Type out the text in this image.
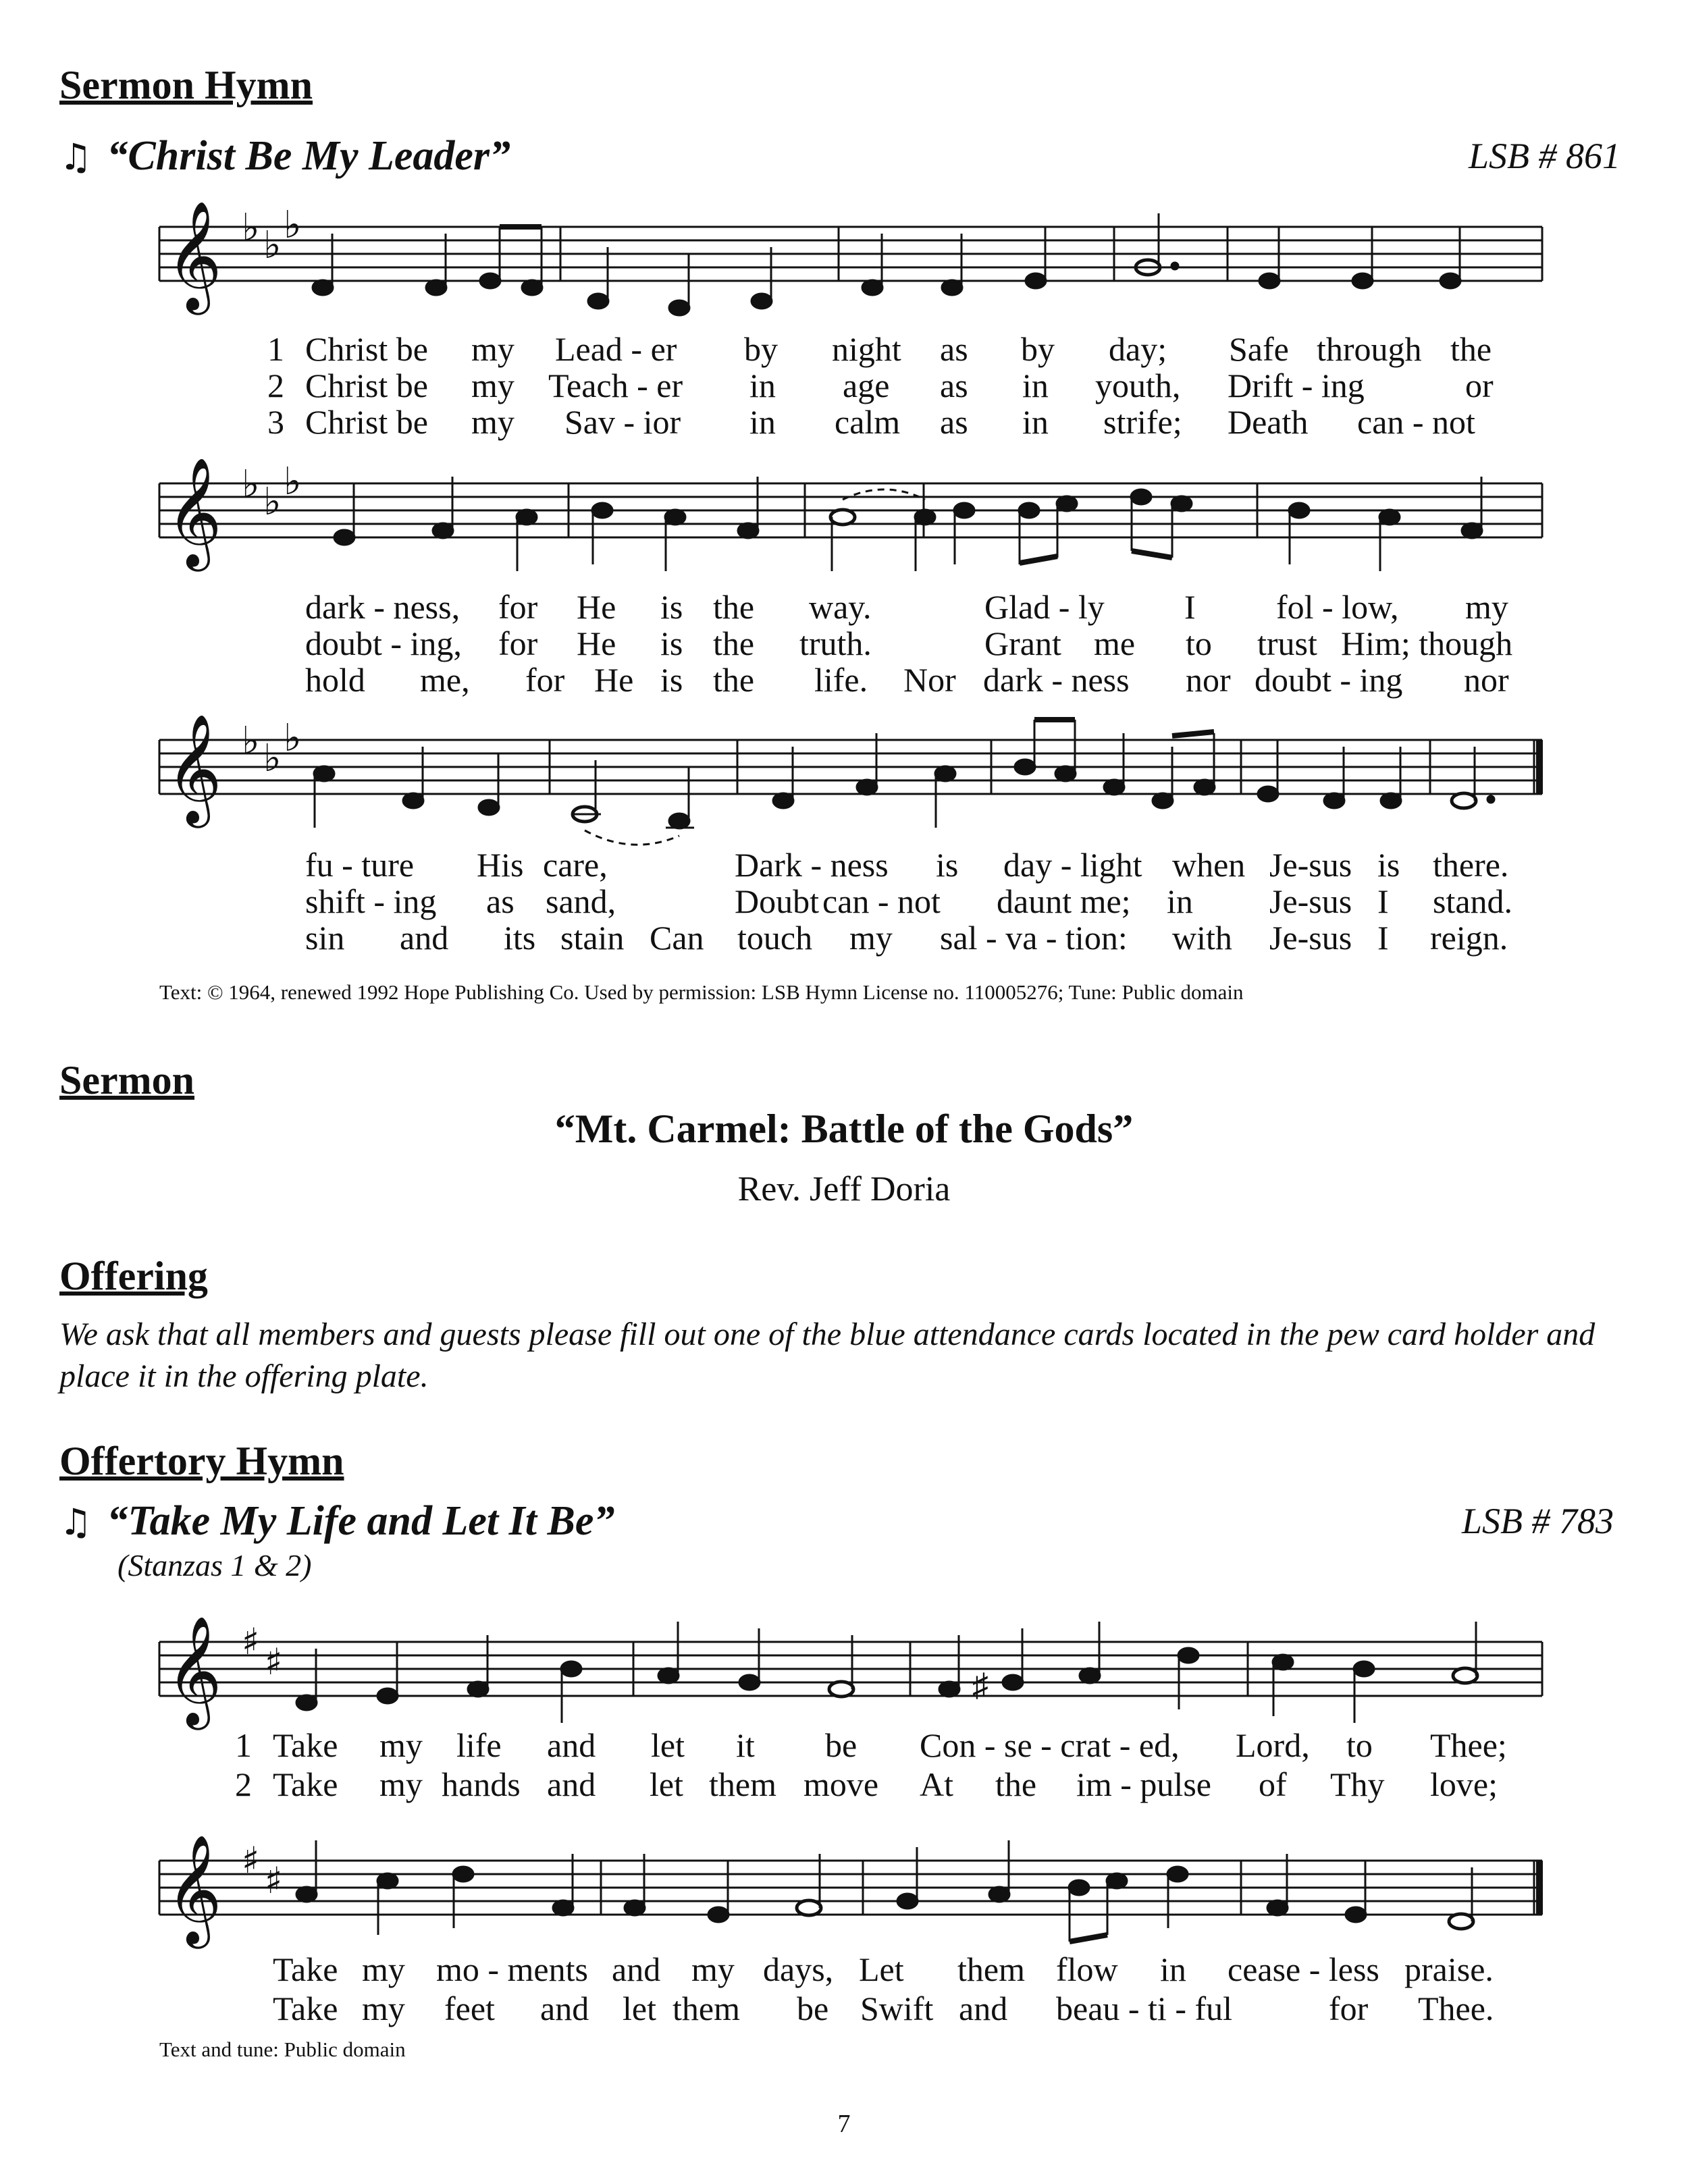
Sermon Hymn
♫ “Christ Be My Leader”	LSB # 861
𝄞 ♭ ♭ ♭
𝄞 ♭ ♭ ♭
𝄞 ♭ ♭ ♭
1 Christ be my Lead - er by night as by day; Safe through the
2 Christ be my Teach - er in age as in youth, Drift - ing	or
3 Christ be my Sav - ior in calm as in strife; Death can - not
dark - ness, for He is the way.	Glad - ly I fol - low, my
doubt - ing, for He is the truth.	Grant me to trust Him; though
hold me, for He is the life. Nor dark - ness nor doubt - ing nor
fu - ture His care,	Dark - ness is day - light when Je-sus is there.
shift - ing as sand,	Doubt can - not daunt me; in Je-sus I stand.
sin and its stain Can touch my sal - va - tion: with Je-sus I reign.
Text: © 1964, renewed 1992 Hope Publishing Co. Used by permission: LSB Hymn License no. 110005276; Tune: Public domain
Sermon
“Mt. Carmel: Battle of the Gods”
Rev. Jeff Doria
Offering
We ask that all members and guests please fill out one of the blue attendance cards located in the pew card holder and place it in the offering plate.
Offertory Hymn
♫ “Take My Life and Let It Be”	LSB # 783
(Stanzas 1 & 2)
𝄞 ♯ ♯
𝄞 ♯ ♯
♯
1 Take my life and let it be Con - se - crat - ed, Lord, to Thee;
2 Take my hands and let them move At the im - pulse of Thy love;
Take my mo - ments and my days, Let them flow in cease - less praise.
Take my feet and let them be Swift and beau - ti - ful	for Thee.
Text and tune: Public domain
7
